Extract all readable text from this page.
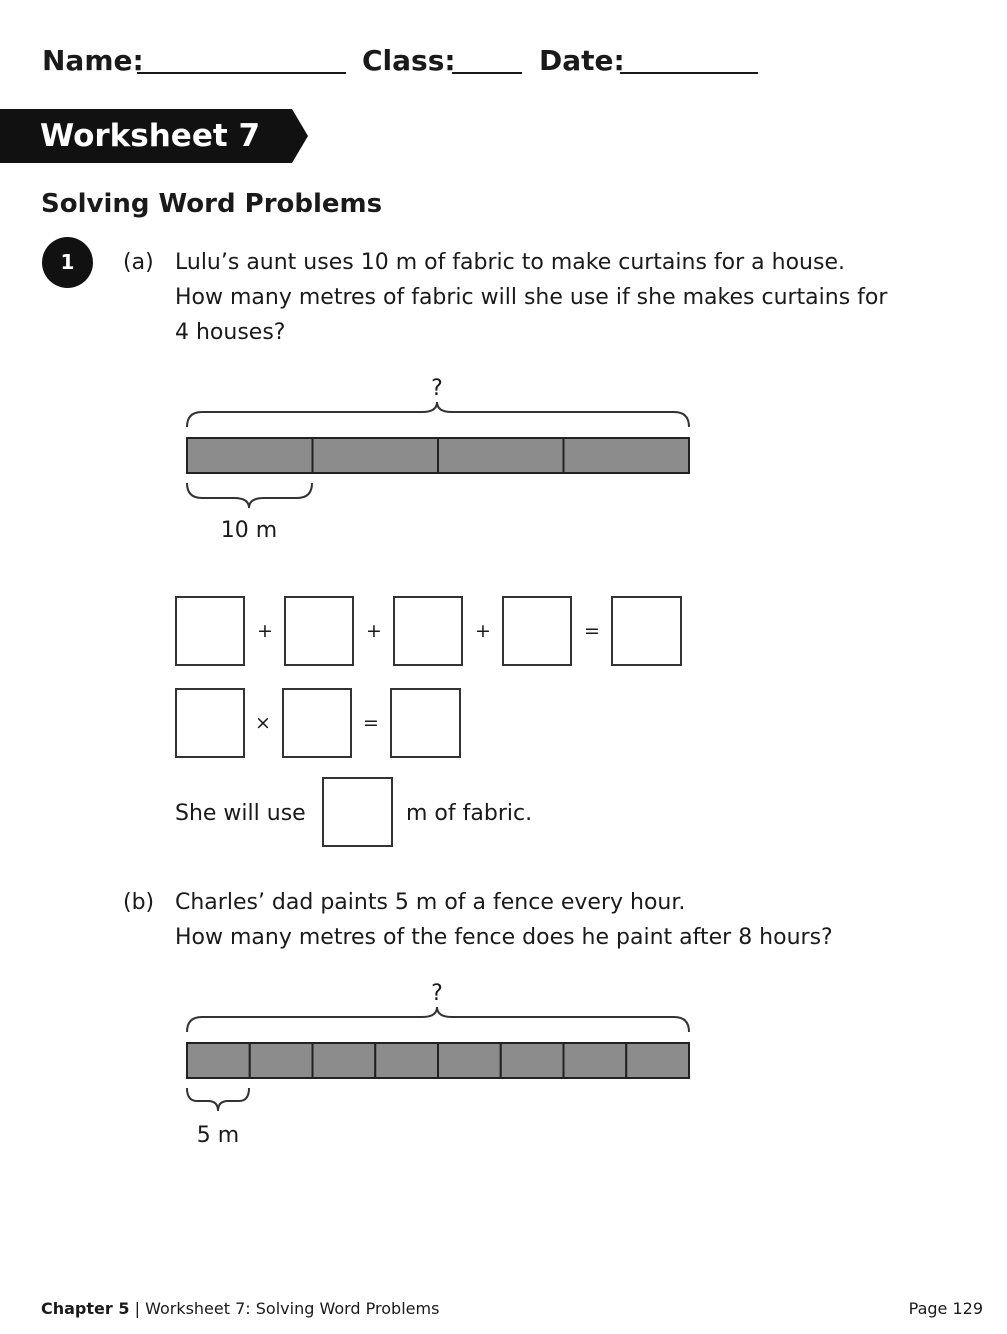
Name:	Class:	Date:
Worksheet 7
Solving Word Problems
1	(a) Lulu’s aunt uses 10 m of fabric to make curtains for a house.
How many metres of fabric will she use if she makes curtains for
4 houses?
?
10 m
+	+	+	=
×	=
She will use	m of fabric.
(b) Charles’ dad paints 5 m of a fence every hour.
How many metres of the fence does he paint after 8 hours?
?
5 m
Chapter 5 | Worksheet 7: Solving Word Problems	Page 129
